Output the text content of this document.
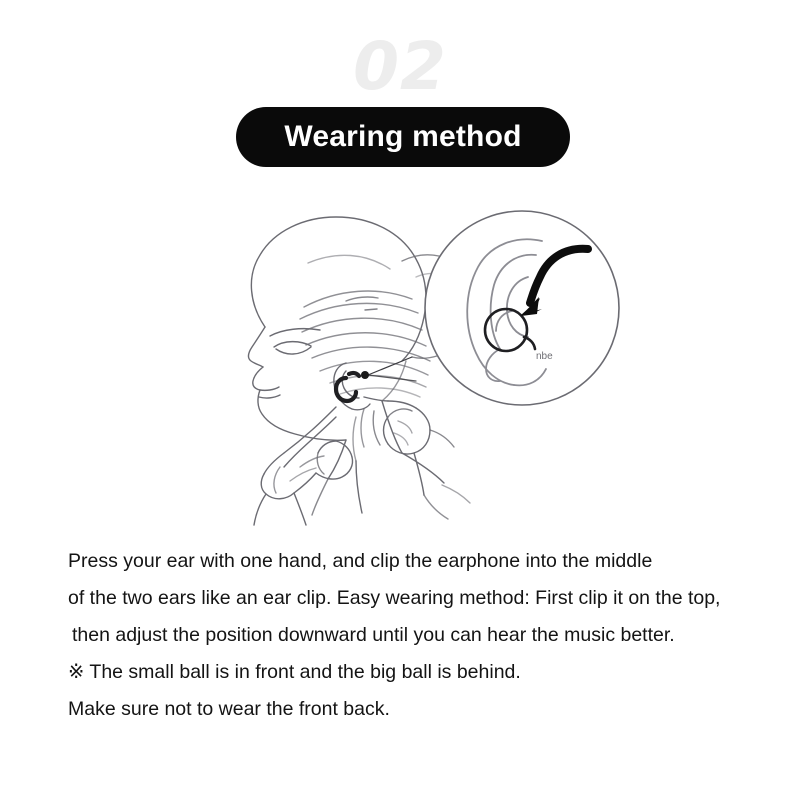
02
Wearing method
nbe
Press your ear with one hand, and clip the earphone into the middle
of the two ears like an ear clip. Easy wearing method: First clip it on the top,
then adjust the position downward until you can hear the music better.
※ The small ball is in front and the big ball is behind.
Make sure not to wear the front back.
